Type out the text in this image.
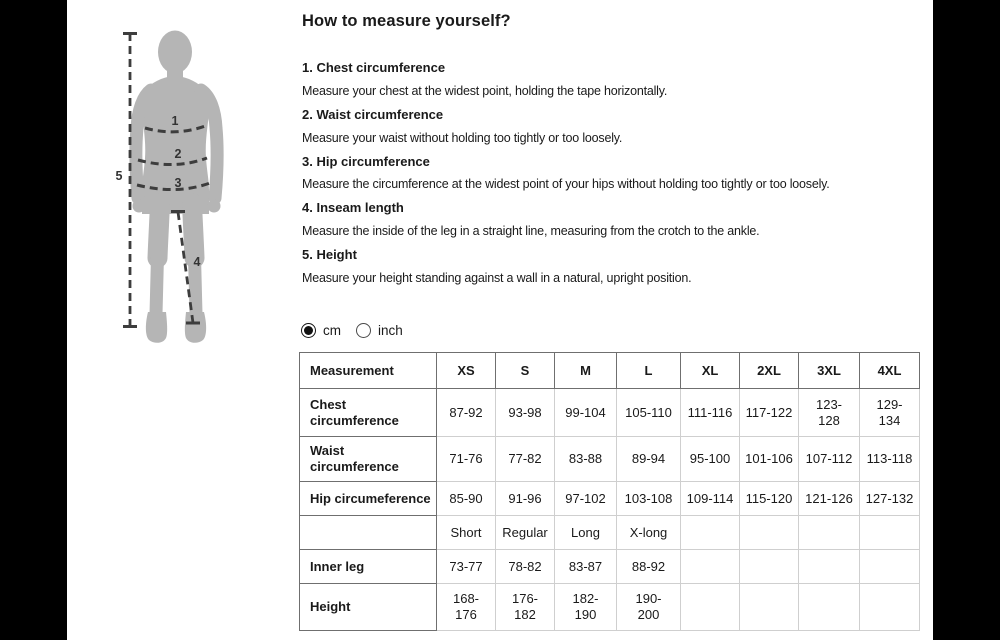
1
2
3
4
5
How to measure yourself?

1. Chest circumference

Measure your chest at the widest point, holding the tape horizontally.

2. Waist circumference

Measure your waist without holding too tightly or too loosely.

3. Hip circumference

Measure the circumference at the widest point of your hips without holding too tightly or too loosely.

4. Inseam length

Measure the inside of the leg in a straight line, measuring from the crotch to the ankle.

5. Height

Measure your height standing against a wall in a natural, upright position.

cm	inch
Measurement	XS	S	M	L	XL	2XL	3XL	4XL
Chest circumference	87-92	93-98	99-104	105-110	111-116	117-122	123-128	129-134
Waist circumference	71-76	77-82	83-88	89-94	95-100	101-106	107-112	113-118
Hip circumeference	85-90	91-96	97-102	103-108	109-114	115-120	121-126	127-132
	Short	Regular	Long	X-long				
Inner leg	73-77	78-82	83-87	88-92				
Height	168-176	176-182	182-190	190-200				
